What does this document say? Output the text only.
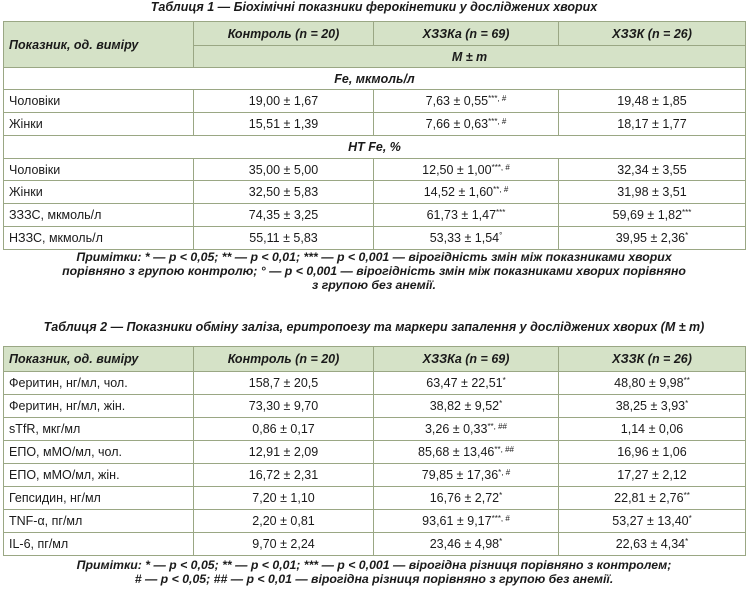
Таблиця 1 — Біохімічні показники ферокінетики у досліджених хворих
Показник, од. виміру	Контроль (n = 20)	ХЗЗКа (n = 69)	ХЗЗК (n = 26)
	M ± m		
Fe, мкмоль/л			
Чоловіки	19,00 ± 1,67	7,63 ± 0,55***, #	19,48 ± 1,85
Жінки	15,51 ± 1,39	7,66 ± 0,63***, #	18,17 ± 1,77
НТ Fe, %			
Чоловіки	35,00 ± 5,00	12,50 ± 1,00***, #	32,34 ± 3,55
Жінки	32,50 ± 5,83	14,52 ± 1,60**, #	31,98 ± 3,51
ЗЗЗС, мкмоль/л	74,35 ± 3,25	61,73 ± 1,47***	59,69 ± 1,82***
НЗЗС, мкмоль/л	55,11 ± 5,83	53,33 ± 1,54°	39,95 ± 2,36*
Примітки: * — p < 0,05; ** — p < 0,01; *** — p < 0,001 — вірогідність змін між показниками хворих
порівняно з групою контролю; ° — p < 0,001 — вірогідність змін між показниками хворих порівняно
з групою без анемії.
Таблиця 2 — Показники обміну заліза, еритропоезу та маркери запалення у досліджених хворих (M ± m)
Показник, од. виміру	Контроль (n = 20)	ХЗЗКа (n = 69)	ХЗЗК (n = 26)
Феритин, нг/мл, чол.	158,7 ± 20,5	63,47 ± 22,51*	48,80 ± 9,98**
Феритин, нг/мл, жін.	73,30 ± 9,70	38,82 ± 9,52*	38,25 ± 3,93*
sTfR, мкг/мл	0,86 ± 0,17	3,26 ± 0,33**, ##	1,14 ± 0,06
ЕПО, мМО/мл, чол.	12,91 ± 2,09	85,68 ± 13,46**, ##	16,96 ± 1,06
ЕПО, мМО/мл, жін.	16,72 ± 2,31	79,85 ± 17,36*, #	17,27 ± 2,12
Гепсидин, нг/мл	7,20 ± 1,10	16,76 ± 2,72*	22,81 ± 2,76**
TNF-α, пг/мл	2,20 ± 0,81	93,61 ± 9,17***, #	53,27 ± 13,40*
IL-6, пг/мл	9,70 ± 2,24	23,46 ± 4,98*	22,63 ± 4,34*
Примітки: * — p < 0,05; ** — p < 0,01; *** — p < 0,001 — вірогідна різниця порівняно з контролем;
# — p < 0,05; ## — p < 0,01 — вірогідна різниця порівняно з групою без анемії.
